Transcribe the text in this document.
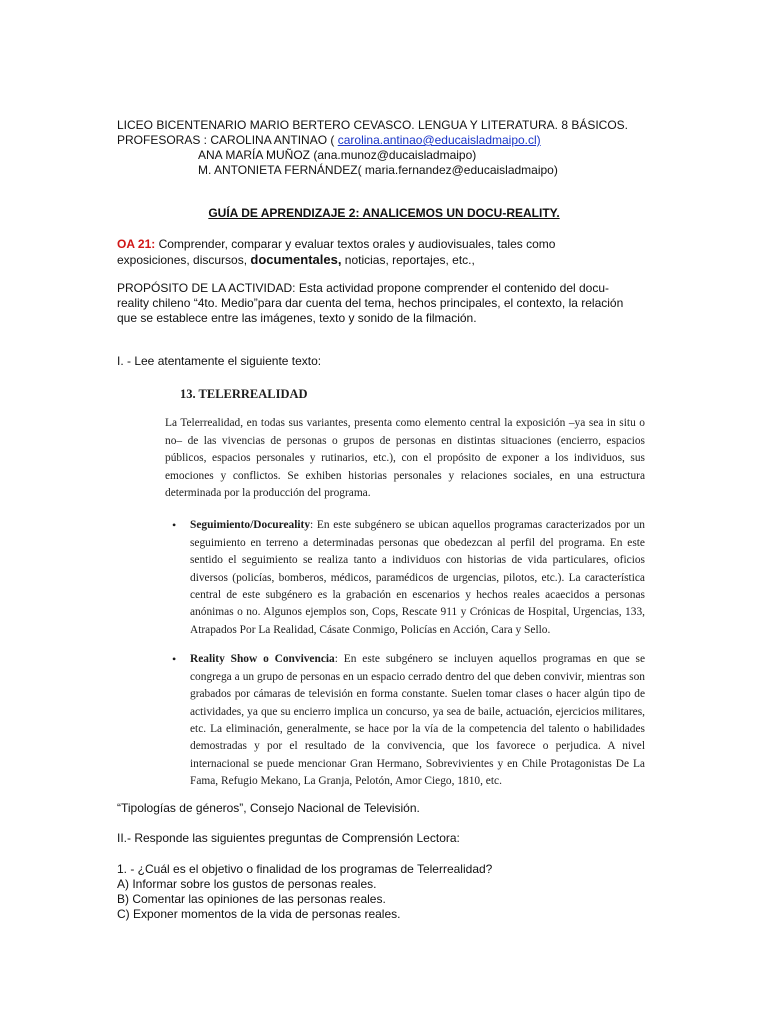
LICEO BICENTENARIO MARIO BERTERO CEVASCO. LENGUA Y LITERATURA. 8 BÁSICOS.
PROFESORAS : CAROLINA ANTINAO ( carolina.antinao@educaisladmaipo.cl)
ANA MARÍA MUÑOZ (ana.munoz@ducaisladmaipo)
M. ANTONIETA FERNÁNDEZ( maria.fernandez@educaisladmaipo)
GUÍA DE APRENDIZAJE 2: ANALICEMOS UN DOCU-REALITY.
OA 21: Comprender, comparar y evaluar textos orales y audiovisuales, tales como exposiciones, discursos, documentales, noticias, reportajes, etc.,
PROPÓSITO DE LA ACTIVIDAD: Esta actividad propone comprender el contenido del docu-reality chileno “4to. Medio”para dar cuenta del tema, hechos principales, el contexto, la relación que se establece entre las imágenes, texto y sonido de la filmación.
I. - Lee atentamente el siguiente texto:
13. TELERREALIDAD

La Telerrealidad, en todas sus variantes, presenta como elemento central la exposición –ya sea in situ o no– de las vivencias de personas o grupos de personas en distintas situaciones (encierro, espacios públicos, espacios personales y rutinarios, etc.), con el propósito de exponer a los individuos, sus emociones y conflictos. Se exhiben historias personales y relaciones sociales, en una estructura determinada por la producción del programa.

• Seguimiento/Docureality: En este subgénero se ubican aquellos programas caracterizados por un seguimiento en terreno a determinadas personas que obedezcan al perfil del programa. En este sentido el seguimiento se realiza tanto a individuos con historias de vida particulares, oficios diversos (policías, bomberos, médicos, paramédicos de urgencias, pilotos, etc.). La característica central de este subgénero es la grabación en escenarios y hechos reales acaecidos a personas anónimas o no. Algunos ejemplos son, Cops, Rescate 911 y Crónicas de Hospital, Urgencias, 133, Atrapados Por La Realidad, Cásate Conmigo, Policías en Acción, Cara y Sello.
• Reality Show o Convivencia: En este subgénero se incluyen aquellos programas en que se congrega a un grupo de personas en un espacio cerrado dentro del que deben convivir, mientras son grabados por cámaras de televisión en forma constante. Suelen tomar clases o hacer algún tipo de actividades, ya que su encierro implica un concurso, ya sea de baile, actuación, ejercicios militares, etc. La eliminación, generalmente, se hace por la vía de la competencia del talento o habilidades demostradas y por el resultado de la convivencia, que los favorece o perjudica. A nivel internacional se puede mencionar Gran Hermano, Sobrevivientes y en Chile Protagonistas De La Fama, Refugio Mekano, La Granja, Pelotón, Amor Ciego, 1810, etc.
“Tipologías de géneros”, Consejo Nacional de Televisión.
II.- Responde las siguientes preguntas de Comprensión Lectora:
1. - ¿Cuál es el objetivo o finalidad de los programas de Telerrealidad?
A) Informar sobre los gustos de personas reales.
B) Comentar las opiniones de las personas reales.
C) Exponer momentos de la vida de personas reales.
